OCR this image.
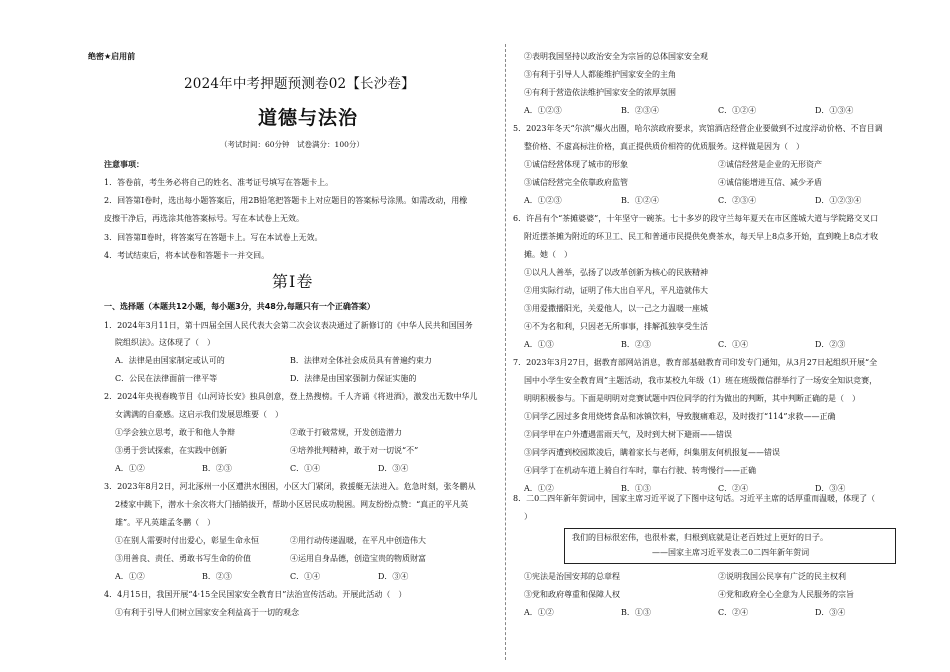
绝密★启用前
2024年中考押题预测卷02【长沙卷】
道德与法治
（考试时间：60分钟　试卷满分：100分）
注意事项：
1．答卷前，考生务必将自己的姓名、准考证号填写在答题卡上。
2．回答第Ⅰ卷时，选出每小题答案后，用2B铅笔把答题卡上对应题目的答案标号涂黑。如需改动，用橡
皮擦干净后，再选涂其他答案标号。写在本试卷上无效。
3．回答第Ⅱ卷时，将答案写在答题卡上。写在本试卷上无效。
4．考试结束后，将本试卷和答题卡一并交回。
第Ⅰ卷
一、选择题（本题共12小题，每小题3分，共48分,每题只有一个正确答案）
1．2024年3月11日，第十四届全国人民代表大会第二次会议表决通过了新修订的《中华人民共和国国务
院组织法》。这体现了（　）
A．法律是由国家制定或认可的	B．法律对全体社会成员具有普遍约束力
C．公民在法律面前一律平等	D．法律是由国家强制力保证实施的
2．2024年央视春晚节目《山河诗长安》独具创意，登上热搜榜。千人齐诵《将进酒》，激发出无数中华儿
女满满的自豪感。这启示我们发展思维要（　）
①学会独立思考，敢于和他人争辩	②敢于打破常规，开发创造潜力
③勇于尝试探索，在实践中创新	④培养批判精神，敢于对一切说“不”
A．①②	B．②③	C．①④	D．③④
3．2023年8月2日，河北涿州一小区遭洪水围困，小区大门紧闭，救援艇无法进入。危急时刻，张冬鹏从
2楼家中跳下，潜水十余次将大门插销拔开，帮助小区居民成功脱困。网友纷纷点赞：“真正的平凡英
雄”。平凡英雄孟冬鹏（　）
①在别人需要时付出爱心，彰显生命永恒	②用行动传递温暖，在平凡中创造伟大
③用善良、责任、勇敢书写生命的价值	④运用自身品德，创造宝贵的物质财富
A．①②	B．②③	C．①④	D．③④
4．4月15日，我国开展“4·15全民国家安全教育日”法治宣传活动。开展此活动（　）
①有利于引导人们树立国家安全利益高于一切的观念
②表明我国坚持以政治安全为宗旨的总体国家安全观
③有利于引导人人都能维护国家安全的主角
④有利于营造依法维护国家安全的浓厚氛围
A．①②③	B．②③④	C．①②④	D．①③④
5．2023年冬天“尔滨”爆火出圈，哈尔滨政府要求，宾馆酒店经营企业要做到不过度浮动价格、不盲目调
整价格、不虚高标注价格，真正提供质价相符的优质服务。这样做是因为（　）
①诚信经营体现了城市的形象	②诚信经营是企业的无形资产
③诚信经营完全依靠政府监管	④诚信能增进互信、减少矛盾
A．①②③	B．①②④	C．②③④	D．①②③④
6．许昌有个“茶摊婆婆”，十年坚守一碗茶。七十多岁的段守兰每年夏天在市区莲城大道与学院路交叉口
附近摆茶摊为附近的环卫工、民工和普通市民提供免费茶水，每天早上8点多开始，直到晚上8点才收
摊。她（　）
①以凡人善举，弘扬了以改革创新为核心的民族精神
②用实际行动，证明了伟大出自平凡，平凡造就伟大
③用爱撒播阳光，关爱他人，以一己之力温暖一座城
④不为名和利，只因老无所事事，排解孤独享受生活
A．①③	B．②③	C．①④	D．②③
7．2023年3月27日，据教育部网站消息，教育部基础教育司印发专门通知，从3月27日起组织开展“全
国中小学生安全教育周”主题活动，我市某校九年级（1）班在班级微信群举行了一场安全知识竞赛，
明明积极参与。下面是明明对竞赛试题中四位同学的行为做出的判断，其中判断正确的是（　）
①同学乙因过多食用烧烤食品和冰镇饮料，导致腹痛难忍，及时拨打“114”求救——正确
②同学甲在户外遭遇雷雨天气，及时到大树下避雨——错误
③同学丙遭到校园欺凌后，瞒着家长与老师，纠集朋友何机报复——错误
④同学丁在机动车道上骑自行车时，靠右行驶、转弯慢行——正确
A．①②	B．①③	C．②④	D．③④
8．二0二四年新年贺词中，国家主席习近平说了下图中这句话。习近平主席的话厚重而温暖，体现了（
）
我们的目标很宏伟，也很朴素，归根到底就是让老百姓过上更好的日子。
——国家主席习近平发表二0二四年新年贺词
①宪法是治国安邦的总章程	②说明我国公民享有广泛的民主权利
③党和政府尊重和保障人权	④党和政府全心全意为人民服务的宗旨
A．①②	B．①③	C．②④	D．③④
